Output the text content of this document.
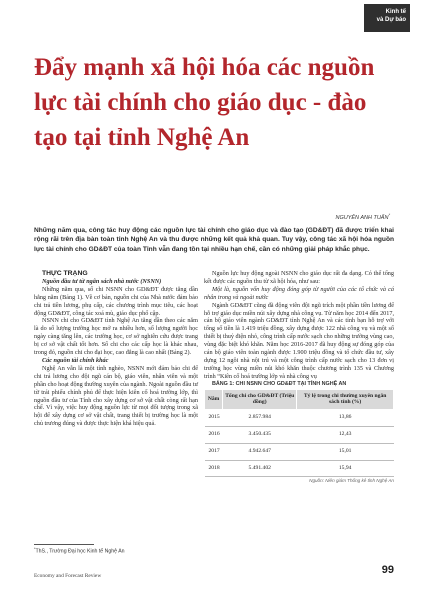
Kinh tế
và Dự báo
Đẩy mạnh xã hội hóa các nguồn lực tài chính cho giáo dục - đào tạo tại tỉnh Nghệ An
NGUYỄN ANH TUẤN*

Những năm qua, công tác huy động các nguồn lực tài chính cho giáo dục và đào tạo (GD&ĐT) đã được triển khai rộng rãi trên địa bàn toàn tỉnh Nghệ An và thu được những kết quả khả quan. Tuy vậy, công tác xã hội hóa nguồn lực tài chính cho GD&ĐT của toàn Tỉnh vẫn đang tồn tại nhiều hạn chế, cần có những giải pháp khắc phục.

THỰC TRẠNG

Nguồn đầu tư từ ngân sách nhà nước (NSNN)

Những năm qua, số chi NSNN cho GD&ĐT được tăng dần hằng năm (Bảng 1). Về cơ bản, nguồn chi của Nhà nước đảm bảo chi trả tiền lương, phụ cấp, các chương trình mục tiêu, các hoạt động GD&ĐT, công tác xoá mù, giáo dục phổ cập.

NSNN chi cho GD&ĐT tỉnh Nghệ An tăng dần theo các năm là do số lượng trường học mở ra nhiều hơn, số lượng người học ngày càng tăng lên, các trường học, cơ sở nghiên cứu được trang bị cơ sở vật chất tốt hơn. Số chi cho các cấp học là khác nhau, trong đó, nguồn chi cho đại học, cao đẳng là cao nhất (Bảng 2).

Các nguồn tài chính khác

Nghệ An vẫn là một tỉnh nghèo, NSNN mới đảm bảo chi để chi trả lương cho đội ngũ cán bộ, giáo viên, nhân viên và một phần cho hoạt động thường xuyên của ngành. Ngoài nguồn đầu tư từ trái phiếu chính phủ để thực hiện kiên cố hoá trường lớp, thì nguồn đầu tư của Tỉnh cho xây dựng cơ sở vật chất còng rất hạn chế. Vì vậy, việc huy động nguồn lực từ mọi đối tượng trong xã hội để xây dựng cơ sở vật chất, trang thiết bị trường học là một chủ trương đúng và được thực hiện khá hiệu quả.

Nguồn lực huy động ngoài NSNN cho giáo dục rất đa dạng. Có thể tổng kết được các nguồn thu từ xã hội hóa, như sau:

Một là, nguồn vốn huy động đóng góp từ người của các tổ chức và cá nhân trong và ngoài nước

Ngành GD&ĐT cũng đã động viên đội ngũ trích một phần tiền lương để hỗ trợ giáo dục miền núi xây dựng nhà công vụ. Từ năm học 2014 đến 2017, cán bộ giáo viên ngành GD&ĐT tỉnh Nghệ An và các tỉnh bạn hỗ trợ với tổng số tiền là 1.419 triệu đồng, xây dựng được 122 nhà công vụ và một số thiết bị thuỷ điện nhỏ, công trình cấp nước sạch cho những trường vùng cao, vùng đặc biệt khó khăn. Năm học 2016-2017 đã huy động sự đóng góp của cán bộ giáo viên toàn ngành được 1.900 triệu đồng và tổ chức đầu tư, xây dựng 12 ngôi nhà nội trú và một công trình cấp nước sạch cho 13 đơn vị trường học vùng miền núi khó khăn thuộc chương trình 135 và Chương trình “Kiên cố hoá trường lớp và nhà công vụ

BẢNG 1: CHI NSNN CHO GD&ĐT TẠI TỈNH NGHỆ AN

Năm	Tổng chi cho GD&ĐT (Triệu đồng)	Tỷ lệ trong chi thường xuyên ngân sách tỉnh (%)
2015	2.857.984	13,86
2016	3.450.435	12,43
2017	4.942.647	15,01
2018	5.491.402	15,94

Nguồn: Niên giám Thống kê tỉnh Nghệ An

*ThS., Trường Đại học Kinh tế Nghệ An
Economy and Forecast Review	99
